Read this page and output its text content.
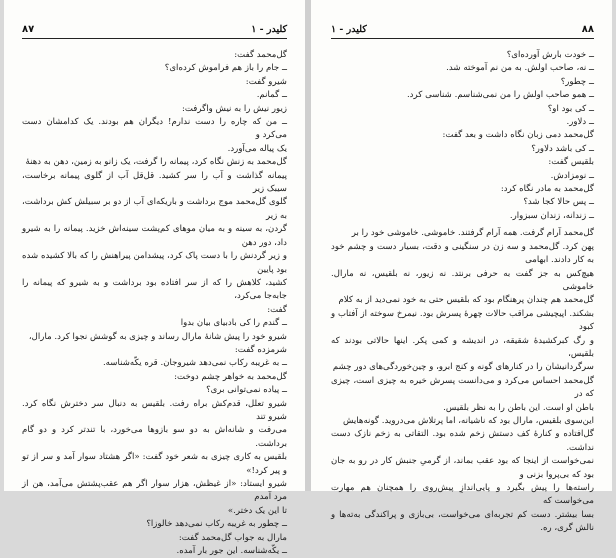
٨٧	کلیدر - ۱

گل‌محمد گفت:

ــ جام را باز هم فراموش کرده‌ای؟

شیرو گفت:

ــ گمانم.

زیور نیش را به نیش واگرفت:

ــ من که چاره را دست ندارم! دیگران هم بودند. یک کدامشان دست می‌کرد و

یک پیاله می‌آورد.

گل‌محمد به زنش نگاه کرد، پیمانه را گرفت، یک زانو به زمین، دهن به دهنهٔ

پیمانه گذاشت و آب را سر کشید. قل‌قل آب از گلوی پیمانه برخاست، سیبک زیر

گلوی گل‌محمد موج برداشت و باریکه‌ای آب از دو بر سبیلش کش برداشت، به زیر

گردن، به سینه و به میان موهای کم‌پشت سینه‌اش خزید. پیمانه را به شیرو داد، دور دهن

و زیر گردنش را با دست پاک کرد، پیشدامن پیراهنش را که بالا کشیده شده بود پایین

کشید، کلاهش را که از سر افتاده بود برداشت و به شیرو که پیمانه را جابه‌جا می‌کرد،

گفت:

ــ گندم را کی بادبیای بیان بدوا

شیرو خود را پیش شانهٔ مارال رساند و چیزی به گوشش نجوا کرد. مارال،

شرمزده گفت:

ــ به غریبه رکاب نمی‌دهد شیرو‌جان. قره یکّه‌شناسه.

گل‌محمد به خواهر چشم دوخت:

ــ پیاده نمی‌توانی بری؟

شیرو تعلل، قدم‌کش براه رفت. بلقیس به دنبال سر دخترش نگاه کرد. شیرو تند

می‌رفت و شانه‌اش به دو سو بازوها می‌خورد، با تندتر کرد و دو گام برداشت.

بلقیس به کاری چیزی به شعر خود گفت: «اگر هشتاد سوار آمد و سر از تو و پیر کرد!»

شیرو ایستاد: «از غیظش، هزار سوار اگر هم عقب‌پشتش می‌آمد، هن از مرد آمدم

تا این یک دختر.»

ــ چطور به غریبه رکاب نمی‌دهد خالو‌زا؟

مارال به جواب گل‌محمد گفت:

ــ یکّه‌شناسه. این جور بار آمده.

٨٨
کلیدر - ۱

ــ خودت بارش آورده‌ای؟

ــ نه، صاحب اولش. به من نم آموخته شد.

ــ چطور؟

ــ همو صاحب اولش را من نمی‌شناسم. شناسی کرد.

ــ کی بود او؟

ــ دلاور.

گل‌محمد دمی زبان نگاه داشت و بعد گفت:

ــ کی باشد دلاور؟

بلقیس گفت:

ــ نومزادش.

گل‌محمد به مادر نگاه کرد:

ــ پس حالا کجا شد؟

ــ زندانه، زندان سبزوار.

گل‌محمد آرام گرفت. همه آرام گرفتند. خاموشی. خاموشی خود را بر

پهن کرد. گل‌محمد و سه زن در سنگینی و دقت، بسیار دست و چشم خود به کار دادند. ابهامی

هیچ‌کس به جز گفت به حرفی برنتد. نه زیور، نه بلقیس، نه مارال. خاموشی

گل‌محمد هم چندان پرهنگام بود که بلقیس حتی به خود نمی‌دید از به کلام

بشکند. اپیچیشی مراقب حالات چهرهٔ پسرش بود. نیمرخ سوخته از آفتاب و کبود

و رگ کبرکشیدهٔ شقیقه، در اندیشه و کمی پکر. اینها حالاتی بودند که بلقیس،

سرگردانیشان را در کنارهای گونه و کنج ابرو، و چین‌خوردگی‌های دور چشم

گل‌محمد احساس می‌کرد و می‌دانست پسرش خیره به چیزی است، چیزی که در

باطن او است. این باطن را به نظر بلقیس.

این‌سوی بلقیس، مارال بود که ناشیانه، اما پرتلاش می‌دروید. گونه‌هایش

گل‌افتاده و کنارهٔ کف دستش زخم شده بود. التقاتی به زخم نازک دست نداشت.

نمی‌خواست از اینجا که بود عقب بماند، از گرمیِ جنبش کار در رو به جان بود که بی‌پروا بزنی و

راسته‌ها را پیش بگیرد و پایی‌اندازِ پیش‌روی را همچنان هم مهارت می‌خواست که

بسا بیشتر. دست کم تجربه‌ای می‌خواست، بی‌بازی و پراکندگی به‌ته‌ها و نالش گری، ره.
